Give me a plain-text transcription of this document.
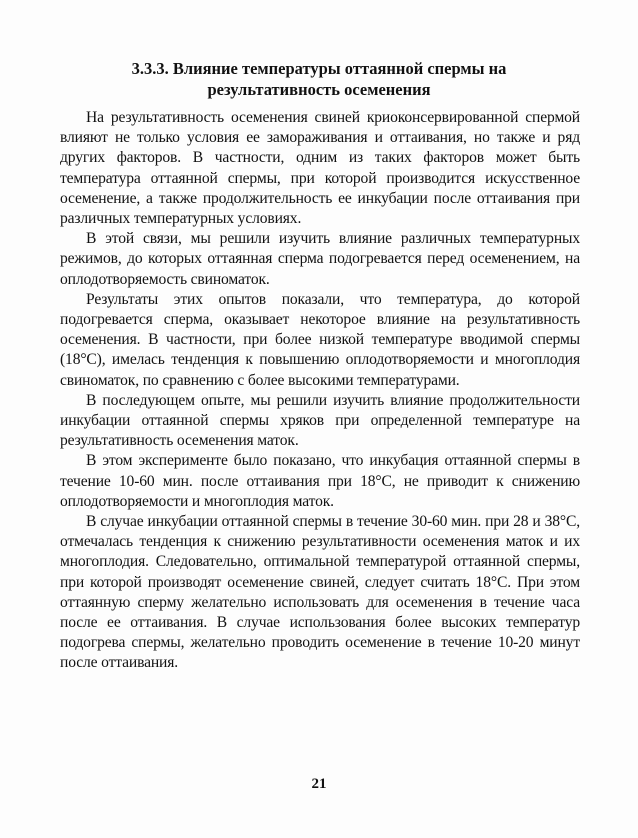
3.3.3. Влияние температуры оттаянной спермы на
результативность осеменения

На результативность осеменения свиней криоконсервированной спермой влияют не только условия ее замораживания и оттаивания, но также и ряд других факторов. В частности, одним из таких факторов может быть температура оттаянной спермы, при которой производится искусственное осеменение, а также продолжительность ее инкубации после оттаивания при различных температурных условиях.

В этой связи, мы решили изучить влияние различных температурных режимов, до которых оттаянная сперма подогревается перед осеменением, на оплодотворяемость свиноматок.

Результаты этих опытов показали, что температура, до которой подогревается сперма, оказывает некоторое влияние на результативность осеменения. В частности, при более низкой температуре вводимой спермы (18°С), имелась тенденция к повышению оплодотворяемости и многоплодия свиноматок, по сравнению с более высокими температурами.

В последующем опыте, мы решили изучить влияние продолжительности инкубации оттаянной спермы хряков при определенной температуре на результативность осеменения маток.

В этом эксперименте было показано, что инкубация оттаянной спермы в течение 10-60 мин. после оттаивания при 18°С, не приводит к снижению оплодотворяемости и многоплодия маток.

В случае инкубации оттаянной спермы в течение 30-60 мин. при 28 и 38°С, отмечалась тенденция к снижению результативности осеменения маток и их многоплодия. Следовательно, оптимальной температурой оттаянной спермы, при которой производят осеменение свиней, следует считать 18°С. При этом оттаянную сперму желательно использовать для осеменения в течение часа после ее оттаивания. В случае использования более высоких температур подогрева спермы, желательно проводить осеменение в течение 10-20 минут после оттаивания.

21
